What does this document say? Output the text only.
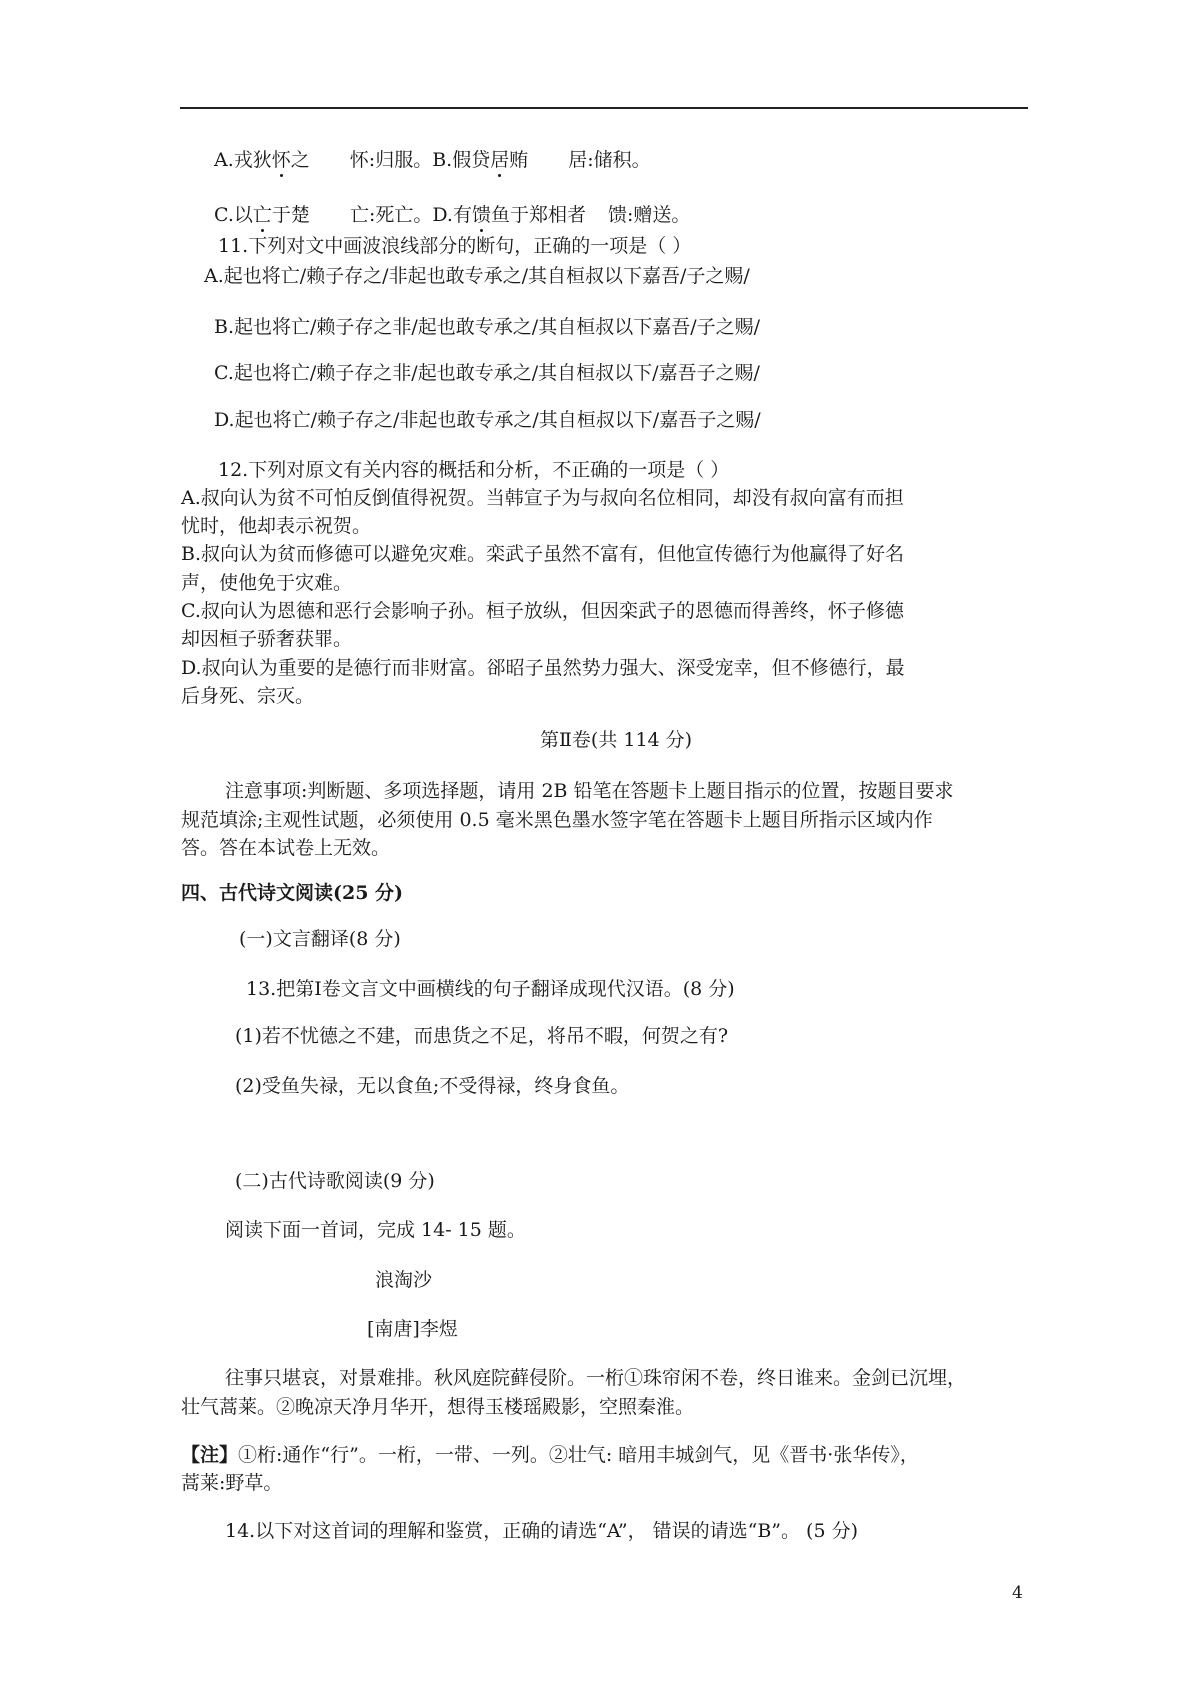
A.戎狄怀之 怀:归服。B.假贷居贿 居:储积。
C.以亡于楚 亡:死亡。D.有馈鱼于郑相者 馈:赠送。
11.下列对文中画波浪线部分的断句，正确的一项是（ ）
A.起也将亡/赖子存之/非起也敢专承之/其自桓叔以下嘉吾/子之赐/
B.起也将亡/赖子存之非/起也敢专承之/其自桓叔以下嘉吾/子之赐/
C.起也将亡/赖子存之非/起也敢专承之/其自桓叔以下/嘉吾子之赐/
D.起也将亡/赖子存之/非起也敢专承之/其自桓叔以下/嘉吾子之赐/
12.下列对原文有关内容的概括和分析，不正确的一项是（ ）
A.叔向认为贫不可怕反倒值得祝贺。当韩宣子为与叔向名位相同，却没有叔向富有而担
忧时，他却表示祝贺。
B.叔向认为贫而修德可以避免灾难。栾武子虽然不富有，但他宣传德行为他赢得了好名
声，使他免于灾难。
C.叔向认为恩德和恶行会影响子孙。桓子放纵，但因栾武子的恩德而得善终，怀子修德
却因桓子骄奢获罪。
D.叔向认为重要的是德行而非财富。郤昭子虽然势力强大、深受宠幸，但不修德行，最
后身死、宗灭。
第Ⅱ卷(共 114 分)
注意事项:判断题、多项选择题，请用 2B 铅笔在答题卡上题目指示的位置，按题目要求
规范填涂;主观性试题，必须使用 0.5 毫米黑色墨水签字笔在答题卡上题目所指示区域内作
答。答在本试卷上无效。
四、古代诗文阅读(25 分)
(一)文言翻译(8 分)
13.把第Ⅰ卷文言文中画横线的句子翻译成现代汉语。(8 分)
(1)若不忧德之不建，而患货之不足，将吊不暇，何贺之有?
(2)受鱼失禄，无以食鱼;不受得禄，终身食鱼。
(二)古代诗歌阅读(9 分)
阅读下面一首词，完成 14- 15 题。
浪淘沙
[南唐]李煜
往事只堪哀，对景难排。秋风庭院藓侵阶。一桁①珠帘闲不卷，终日谁来。金剑已沉埋，
壮气蒿莱。②晚凉天净月华开，想得玉楼瑶殿影，空照秦淮。
【注】①桁:通作“行”。一桁，一带、一列。②壮气: 暗用丰城剑气，见《晋书·张华传》，
蒿莱:野草。
14.以下对这首词的理解和鉴赏，正确的请选“A”， 错误的请选“B”。 (5 分)
4
